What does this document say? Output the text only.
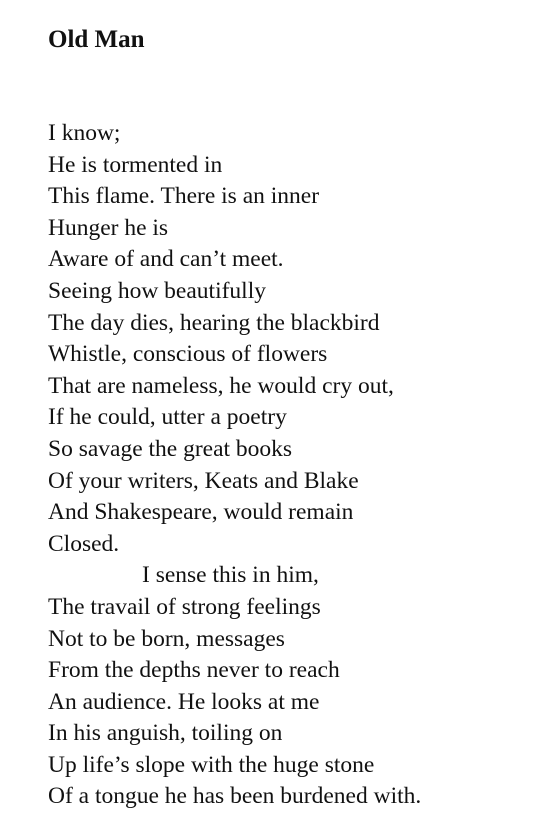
Old Man
I know;
He is tormented in
This flame. There is an inner
Hunger he is
Aware of and can’t meet.
Seeing how beautifully
The day dies, hearing the blackbird
Whistle, conscious of flowers
That are nameless, he would cry out,
If he could, utter a poetry
So savage the great books
Of your writers, Keats and Blake
And Shakespeare, would remain
Closed.
I sense this in him,
The travail of strong feelings
Not to be born, messages
From the depths never to reach
An audience. He looks at me
In his anguish, toiling on
Up life’s slope with the huge stone
Of a tongue he has been burdened with.
